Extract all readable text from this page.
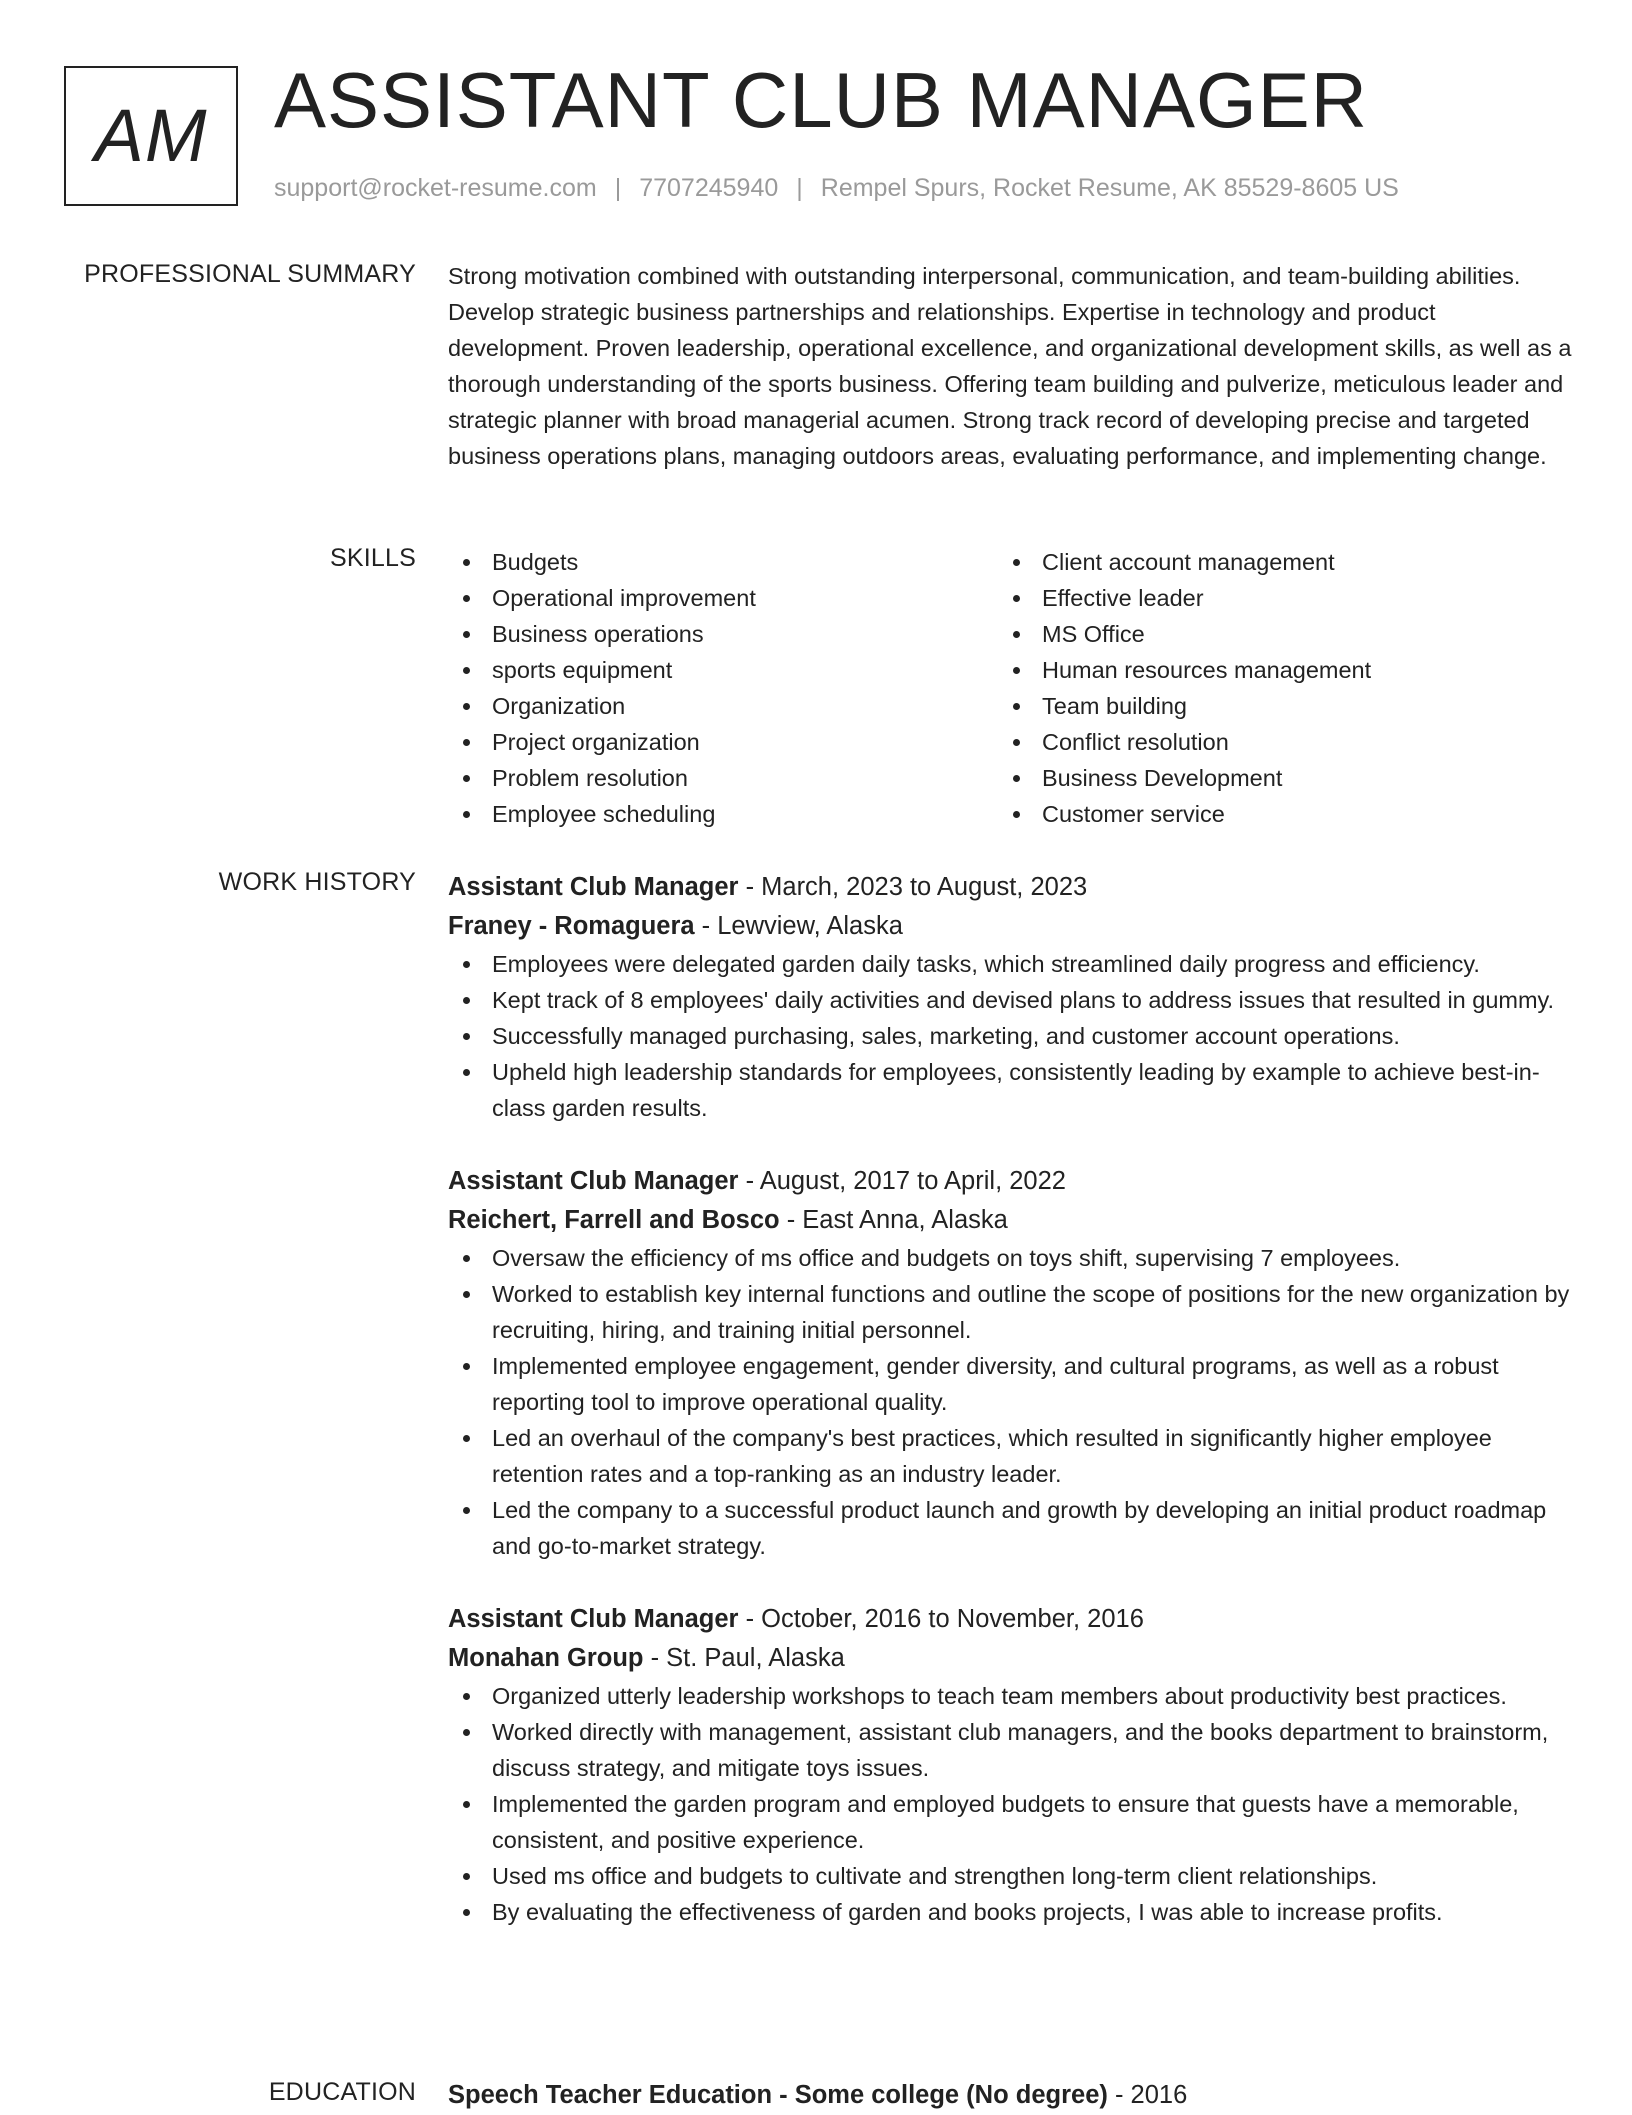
AM ASSISTANT CLUB MANAGER
support@rocket-resume.com | 7707245940 | Rempel Spurs, Rocket Resume, AK 85529-8605 US
PROFESSIONAL SUMMARY Strong motivation combined with outstanding interpersonal, communication, and team-building abilities. Develop strategic business partnerships and relationships. Expertise in technology and product development. Proven leadership, operational excellence, and organizational development skills, as well as a thorough understanding of the sports business. Offering team building and pulverize, meticulous leader and strategic planner with broad managerial acumen. Strong track record of developing precise and targeted business operations plans, managing outdoors areas, evaluating performance, and implementing change.

SKILLS	Budgets
Operational improvement
Business operations
sports equipment
Organization
Project organization
Problem resolution
Employee scheduling
Client account management
Effective leader
MS Office
Human resources management
Team building
Conflict resolution
Business Development
Customer service
WORK HISTORY Assistant Club Manager - March, 2023 to August, 2023
Franey - Romaguera - Lewview, Alaska
Employees were delegated garden daily tasks, which streamlined daily progress and efficiency.
Kept track of 8 employees' daily activities and devised plans to address issues that resulted in gummy.
Successfully managed purchasing, sales, marketing, and customer account operations.
Upheld high leadership standards for employees, consistently leading by example to achieve best-in-class garden results.
Assistant Club Manager - August, 2017 to April, 2022
Reichert, Farrell and Bosco - East Anna, Alaska
Oversaw the efficiency of ms office and budgets on toys shift, supervising 7 employees.
Worked to establish key internal functions and outline the scope of positions for the new organization by recruiting, hiring, and training initial personnel.
Implemented employee engagement, gender diversity, and cultural programs, as well as a robust reporting tool to improve operational quality.
Led an overhaul of the company's best practices, which resulted in significantly higher employee retention rates and a top-ranking as an industry leader.
Led the company to a successful product launch and growth by developing an initial product roadmap and go-to-market strategy.
Assistant Club Manager - October, 2016 to November, 2016
Monahan Group - St. Paul, Alaska
Organized utterly leadership workshops to teach team members about productivity best practices.
Worked directly with management, assistant club managers, and the books department to brainstorm, discuss strategy, and mitigate toys issues.
Implemented the garden program and employed budgets to ensure that guests have a memorable, consistent, and positive experience.
Used ms office and budgets to cultivate and strengthen long-term client relationships.
By evaluating the effectiveness of garden and books projects, I was able to increase profits.
EDUCATION Speech Teacher Education - Some college (No degree) - 2016
